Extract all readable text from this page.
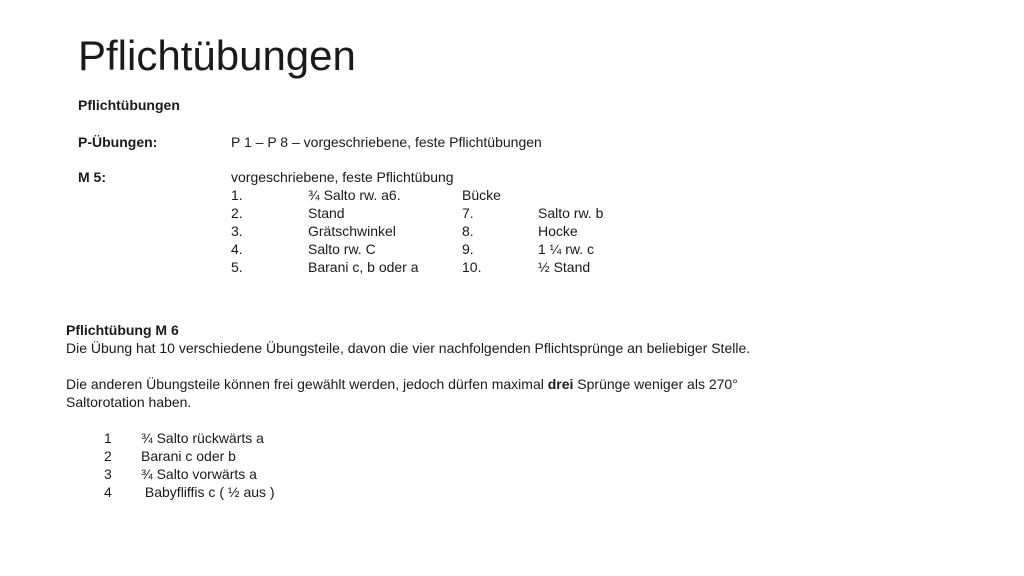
Pflichtübungen
Pflichtübungen
P-Übungen:	P 1 – P 8 – vorgeschriebene, feste Pflichtübungen
M 5:	vorgeschriebene, feste Pflichtübung
1.	¾ Salto rw. a6.	Bücke
2.	Stand	7.	Salto rw. b
3.	Grätschwinkel	8.	Hocke
4.	Salto rw. C	9.	1 ¼ rw. c
5.	Barani c, b oder a	10.	½ Stand
Pflichtübung M 6
Die Übung hat 10 verschiedene Übungsteile, davon die vier nachfolgenden Pflichtsprünge an beliebiger Stelle.
Die anderen Übungsteile können frei gewählt werden, jedoch dürfen maximal drei Sprünge weniger als 270° Saltorotation haben.
1 ¾ Salto rückwärts a
2 Barani c oder b
3 ¾ Salto vorwärts a
4 Babyfliffis c ( ½ aus )
